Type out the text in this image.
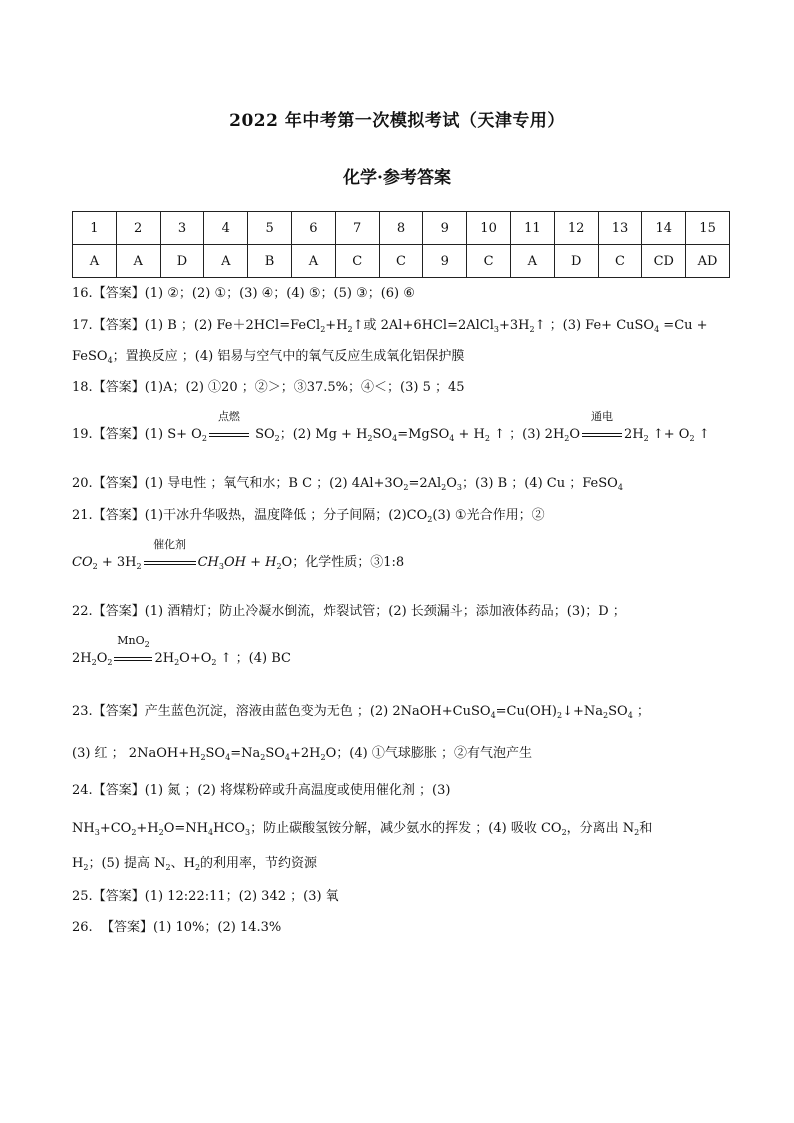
2022 年中考第一次模拟考试（天津专用）
化学·参考答案
1	2	3	4	5	6	7	8	9	10	11	12	13	14	15
A	A	D	A	B	A	C	C	9	C	A	D	C	CD	AD
16.【答案】(1) ②；(2) ①；(3) ④；(4) ⑤；(5) ③；(6) ⑥
17.【答案】(1) B ；(2) $Fe+2HCl=FeCl_2+H_2↑$或 $2Al+6HCl=2AlCl_3+3H_2↑$ ；(3) Fe+ CuSO$_4$ =Cu +
FeSO$_4$；置换反应 ；(4) 铝易与空气中的氧气反应生成氧化铝保护膜
18.【答案】(1)A；(2) ①20 ；②＞；③37.5%；④＜；(3) 5 ；45
19.【答案】(1) $S+ O_2$
点燃
$SO_2$；(2) $Mg + H_2SO_4=MgSO_4 + H_2$ ↑ ；(3) $2H_2O$
通电
$2H_2$ ↑+ $O_2$ ↑
20.【答案】(1) 导电性 ；氧气和水；B C ；(2) $4Al+3O_2=2Al_2O_3$；(3) B ；(4) Cu ；FeSO$_4$
21.【答案】(1)干冰升华吸热，温度降低 ；分子间隔；$(2)CO_2(3)$ ①光合作用；②
$CO_2 + 3H_2$
催化剂
$CH_3OH + H_2O$；化学性质；③1:8
22.【答案】(1) 酒精灯；防止冷凝水倒流，炸裂试管；(2) 长颈漏斗；添加液体药品；(3)；D ；
$2H_2O_2$
MnO$_2$
$2H_2O+O_2$ ↑ ；(4) BC
23.【答案】产生蓝色沉淀，溶液由蓝色变为无色 ；(2) $2NaOH+CuSO_4=Cu(OH)_2↓+Na_2SO_4$ ；
(3) 红 ； $2NaOH+H_2SO_4=Na_2SO_4+2H_2O$；(4) ①气球膨胀 ；②有气泡产生
24.【答案】(1) 氮 ；(2) 将煤粉碎或升高温度或使用催化剂 ；(3)
$NH_3+CO_2+H_2O=NH_4HCO_3$；防止碳酸氢铵分解，减少氨水的挥发 ；(4) 吸收 $CO_2$，分离出 $N_2$和
$H_2$；(5) 提高 $N_2$、$H_2$的利用率，节约资源
25.【答案】(1) 12:22:11；(2) 342 ；(3) 氧
26. 【答案】(1) 10%；(2) 14.3%
